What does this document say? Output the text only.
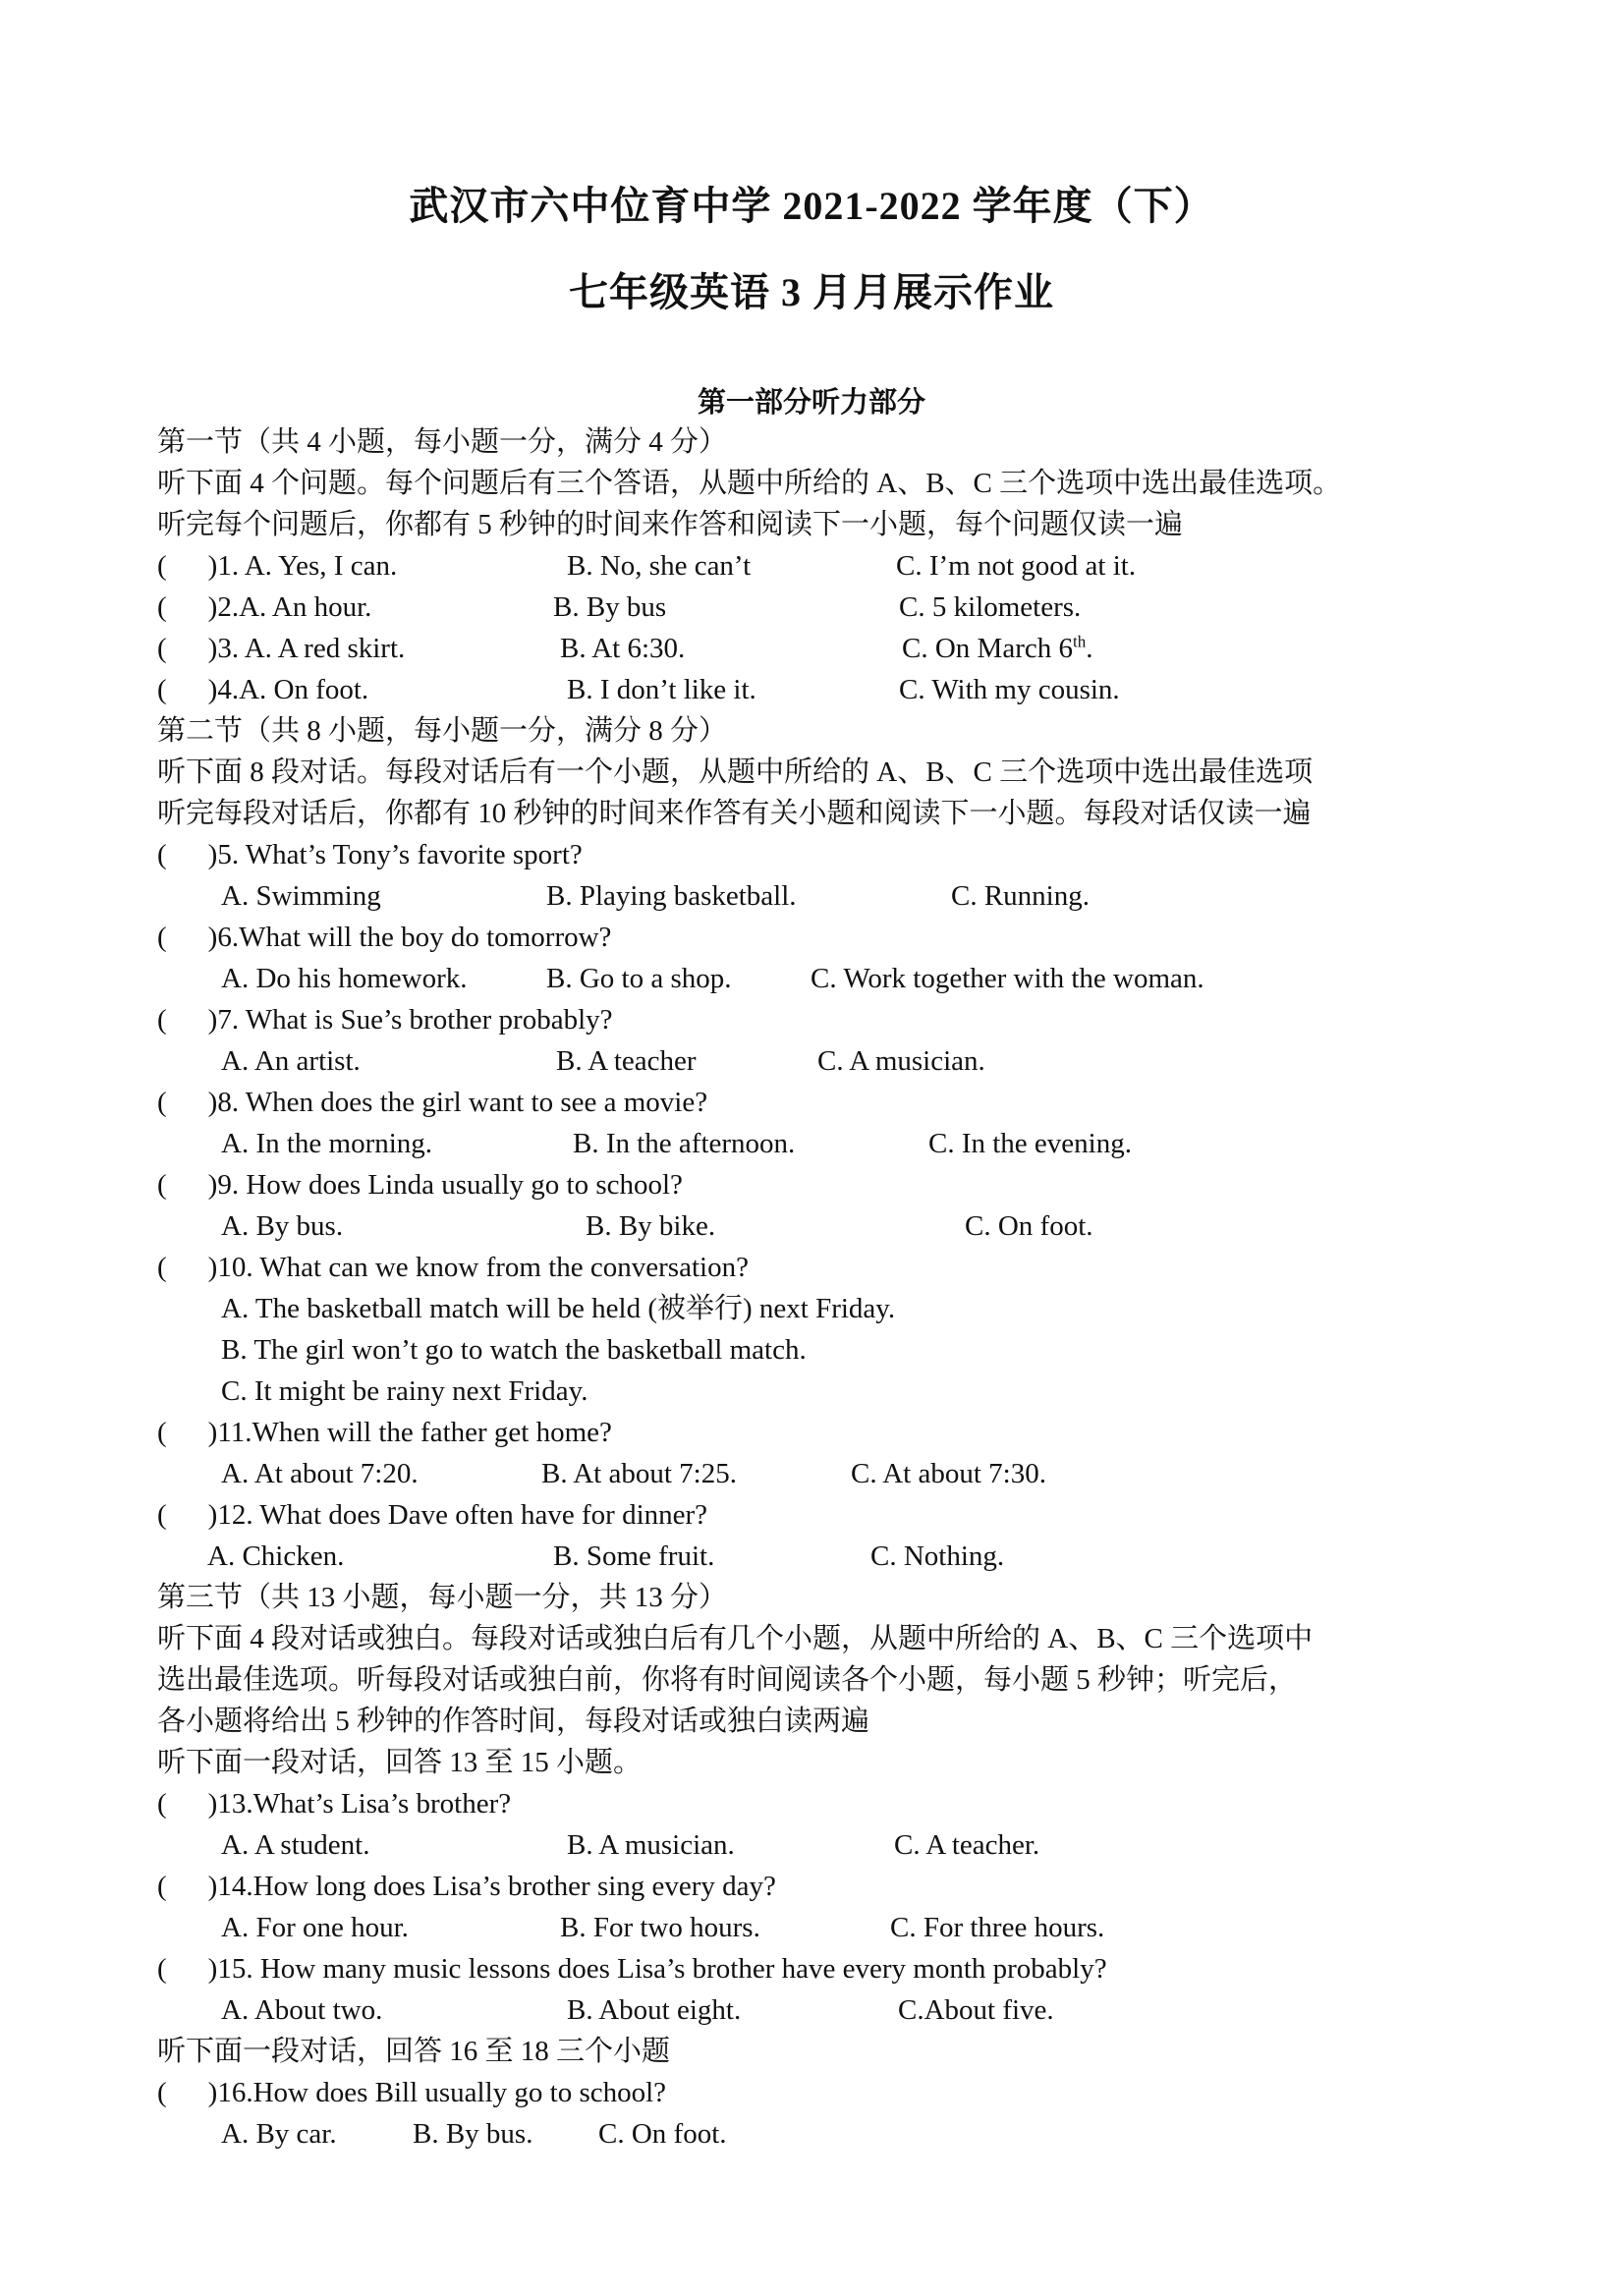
武汉市六中位育中学 2021-2022 学年度（下）
七年级英语 3 月月展示作业
第一部分听力部分
第一节（共 4 小题，每小题一分，满分 4 分）
听下面 4 个问题。每个问题后有三个答语，从题中所给的 A、B、C 三个选项中选出最佳选项。
听完每个问题后，你都有 5 秒钟的时间来作答和阅读下一小题，每个问题仅读一遍
( )1. A. Yes, I can.	B. No, she can’t	C. I’m not good at it.
( )2.A. An hour.	B. By bus	C. 5 kilometers.
( )3. A. A red skirt.	B. At 6:30.	C. On March 6th.
( )4.A. On foot.	B. I don’t like it.	C. With my cousin.
第二节（共 8 小题，每小题一分，满分 8 分）
听下面 8 段对话。每段对话后有一个小题，从题中所给的 A、B、C 三个选项中选出最佳选项
听完每段对话后，你都有 10 秒钟的时间来作答有关小题和阅读下一小题。每段对话仅读一遍
( )5. What’s Tony’s favorite sport?
A. Swimming	B. Playing basketball.	C. Running.
( )6.What will the boy do tomorrow?
A. Do his homework.	B. Go to a shop.	C. Work together with the woman.
( )7. What is Sue’s brother probably?
A. An artist.	B. A teacher	C. A musician.
( )8. When does the girl want to see a movie?
A. In the morning.	B. In the afternoon.	C. In the evening.
( )9. How does Linda usually go to school?
A. By bus.	B. By bike.	C. On foot.
( )10. What can we know from the conversation?
A. The basketball match will be held (被举行) next Friday.
B. The girl won’t go to watch the basketball match.
C. It might be rainy next Friday.
( )11.When will the father get home?
A. At about 7:20.	B. At about 7:25.	C. At about 7:30.
( )12. What does Dave often have for dinner?
A. Chicken.	B. Some fruit.	C. Nothing.
第三节（共 13 小题，每小题一分，共 13 分）
听下面 4 段对话或独白。每段对话或独白后有几个小题，从题中所给的 A、B、C 三个选项中
选出最佳选项。听每段对话或独白前，你将有时间阅读各个小题，每小题 5 秒钟；听完后，
各小题将给出 5 秒钟的作答时间，每段对话或独白读两遍
听下面一段对话，回答 13 至 15 小题。
( )13.What’s Lisa’s brother?
A. A student.	B. A musician.	C. A teacher.
( )14.How long does Lisa’s brother sing every day?
A. For one hour.	B. For two hours.	C. For three hours.
( )15. How many music lessons does Lisa’s brother have every month probably?
A. About two.	B. About eight.	C.About five.
听下面一段对话，回答 16 至 18 三个小题
( )16.How does Bill usually go to school?
A. By car.	B. By bus. C. On foot.
